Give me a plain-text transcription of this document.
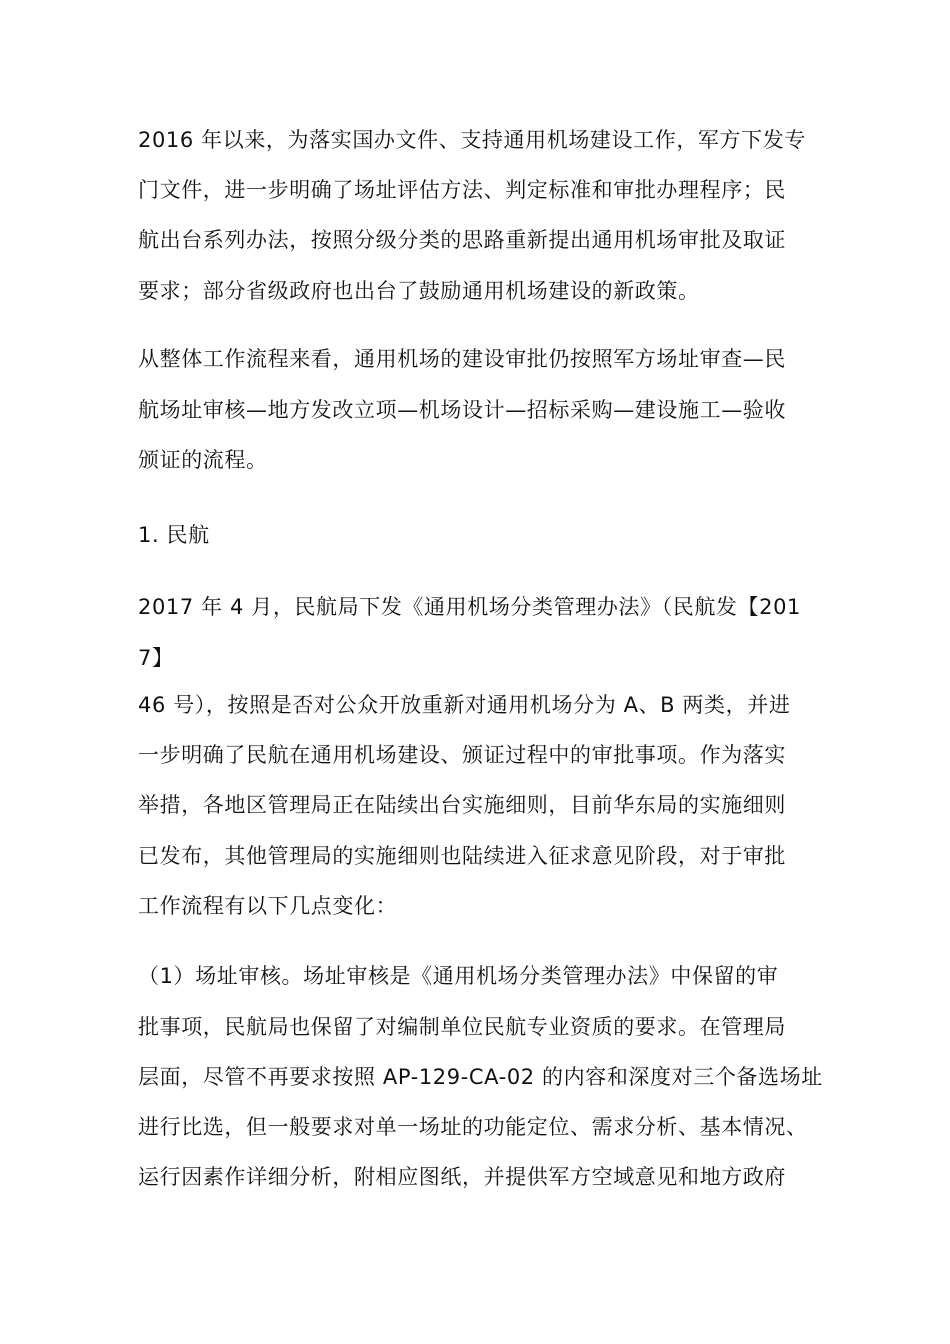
2016 年以来，为落实国办文件、支持通用机场建设工作，军方下发专
门文件，进一步明确了场址评估方法、判定标准和审批办理程序；民
航出台系列办法，按照分级分类的思路重新提出通用机场审批及取证
要求；部分省级政府也出台了鼓励通用机场建设的新政策。
从整体工作流程来看，通用机场的建设审批仍按照军方场址审查—民
航场址审核—地方发改立项—机场设计—招标采购—建设施工—验收
颁证的流程。
1. 民航
2017 年 4 月，民航局下发《通用机场分类管理办法》（民航发【201
7】
46 号），按照是否对公众开放重新对通用机场分为 A、B 两类，并进
一步明确了民航在通用机场建设、颁证过程中的审批事项。作为落实
举措，各地区管理局正在陆续出台实施细则，目前华东局的实施细则
已发布，其他管理局的实施细则也陆续进入征求意见阶段，对于审批
工作流程有以下几点变化：
（1）场址审核。场址审核是《通用机场分类管理办法》中保留的审
批事项，民航局也保留了对编制单位民航专业资质的要求。在管理局
层面，尽管不再要求按照 AP-129-CA-02 的内容和深度对三个备选场址
进行比选，但一般要求对单一场址的功能定位、需求分析、基本情况、
运行因素作详细分析，附相应图纸，并提供军方空域意见和地方政府
